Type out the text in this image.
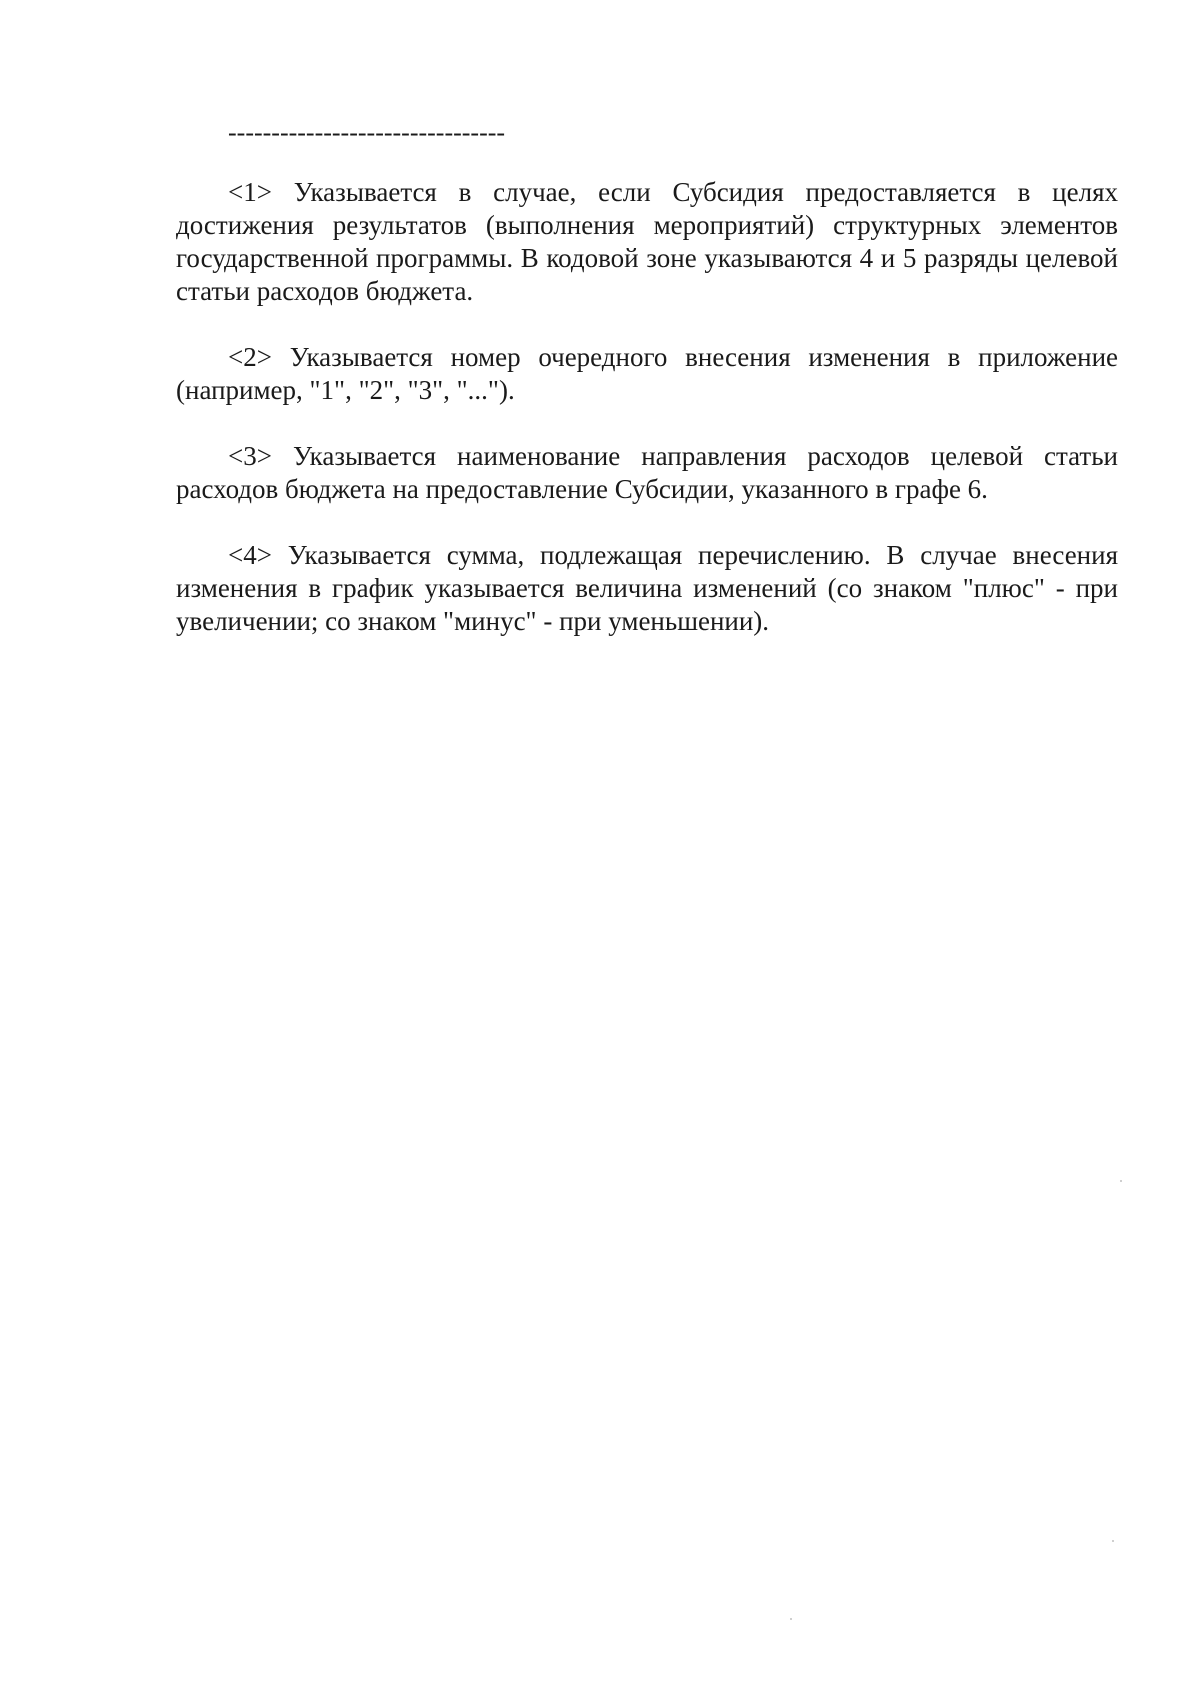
--------------------------------

<1> Указывается в случае, если Субсидия предоставляется в целях достижения результатов (выполнения мероприятий) структурных элементов государственной программы. В кодовой зоне указываются 4 и 5 разряды целевой статьи расходов бюджета.

<2> Указывается номер очередного внесения изменения в приложение (например, "1", "2", "3", "...").

<3> Указывается наименование направления расходов целевой статьи расходов бюджета на предоставление Субсидии, указанного в графе 6.

<4> Указывается сумма, подлежащая перечислению. В случае внесения изменения в график указывается величина изменений (со знаком "плюс" - при увеличении; со знаком "минус" - при уменьшении).
